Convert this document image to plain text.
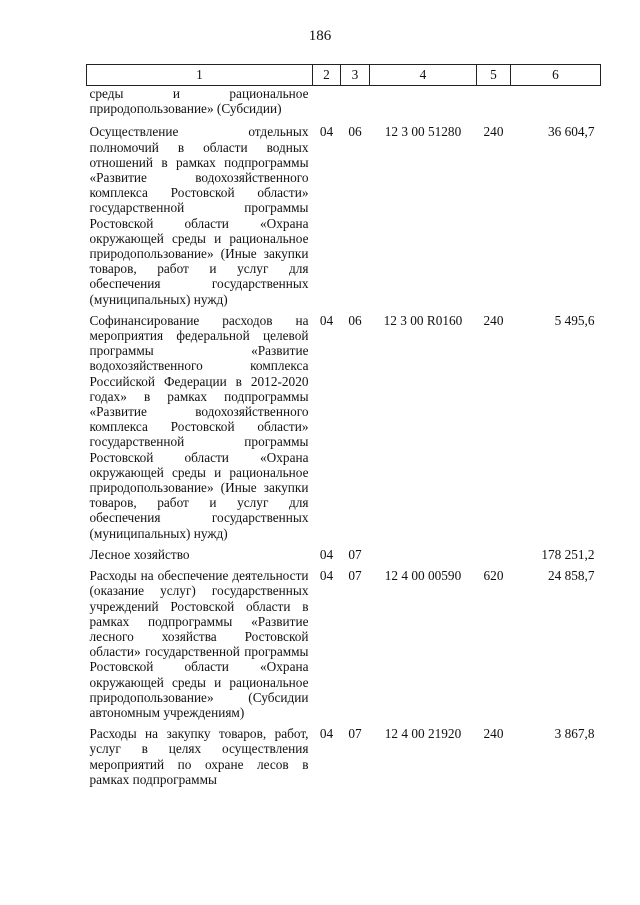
186
1	2	3	4	5	6
среды и рациональное природопользование» (Субсидии)					
Осуществление отдельных полномочий в области водных отношений в рамках подпрограммы «Развитие водохозяйственного комплекса Ростовской области» государственной программы Ростовской области «Охрана окружающей среды и рациональное природопользование» (Иные закупки товаров, работ и услуг для обеспечения государственных (муниципальных) нужд)	04	06	12 3 00 51280	240	36 604,7
Софинансирование расходов на мероприятия федеральной целевой программы «Развитие водохозяйственного комплекса Российской Федерации в 2012-2020 годах» в рамках подпрограммы «Развитие водохозяйственного комплекса Ростовской области» государственной программы Ростовской области «Охрана окружающей среды и рациональное природопользование» (Иные закупки товаров, работ и услуг для обеспечения государственных (муниципальных) нужд)	04	06	12 3 00 R0160	240	5 495,6
Лесное хозяйство	04	07			178 251,2
Расходы на обеспечение деятельности (оказание услуг) государственных учреждений Ростовской области в рамках подпрограммы «Развитие лесного хозяйства Ростовской области» государственной программы Ростовской области «Охрана окружающей среды и рациональное природопользование» (Субсидии автономным учреждениям)	04	07	12 4 00 00590	620	24 858,7
Расходы на закупку товаров, работ, услуг в целях осуществления мероприятий по охране лесов в рамках подпрограммы	04	07	12 4 00 21920	240	3 867,8
